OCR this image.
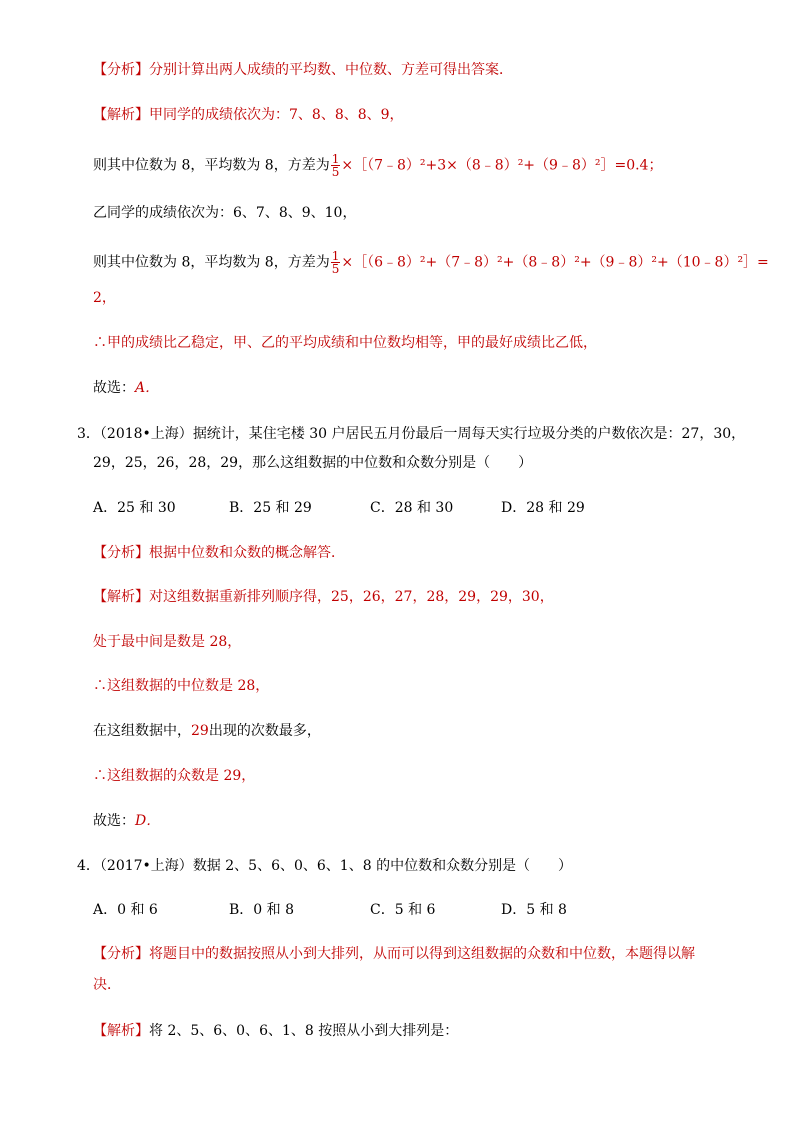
【分析】分别计算出两人成绩的平均数、中位数、方差可得出答案．
【解析】甲同学的成绩依次为：7、8、8、8、9，
则其中位数为 8，平均数为 8，方差为 $\frac{1}{5}$ ×［（7﹣8）²+3×（8﹣8）²+（9﹣8）²］=0.4；
乙同学的成绩依次为：6、7、8、9、10，
则其中位数为 8，平均数为 8，方差为 $\frac{1}{5}$ ×［（6﹣8）²+（7﹣8）²+（8﹣8）²+（9﹣8）²+（10﹣8）²］=
2，
∴甲的成绩比乙稳定，甲、乙的平均成绩和中位数均相等，甲的最好成绩比乙低，
故选：A．
3．（2018•上海）据统计，某住宅楼 30 户居民五月份最后一周每天实行垃圾分类的户数依次是：27，30，
29，25，26，28，29，那么这组数据的中位数和众数分别是（　　）
A．25 和 30	B．25 和 29	C．28 和 30	D．28 和 29
【分析】根据中位数和众数的概念解答．
【解析】对这组数据重新排列顺序得，25，26，27，28，29，29，30，
处于最中间是数是 28，
∴这组数据的中位数是 28，
在这组数据中，29出现的次数最多，
∴这组数据的众数是 29，
故选：D．
4．（2017•上海）数据 2、5、6、0、6、1、8 的中位数和众数分别是（　　）
A．0 和 6	B．0 和 8	C．5 和 6	D．5 和 8
【分析】将题目中的数据按照从小到大排列，从而可以得到这组数据的众数和中位数，本题得以解
决．
【解析】将 2、5、6、0、6、1、8 按照从小到大排列是：
